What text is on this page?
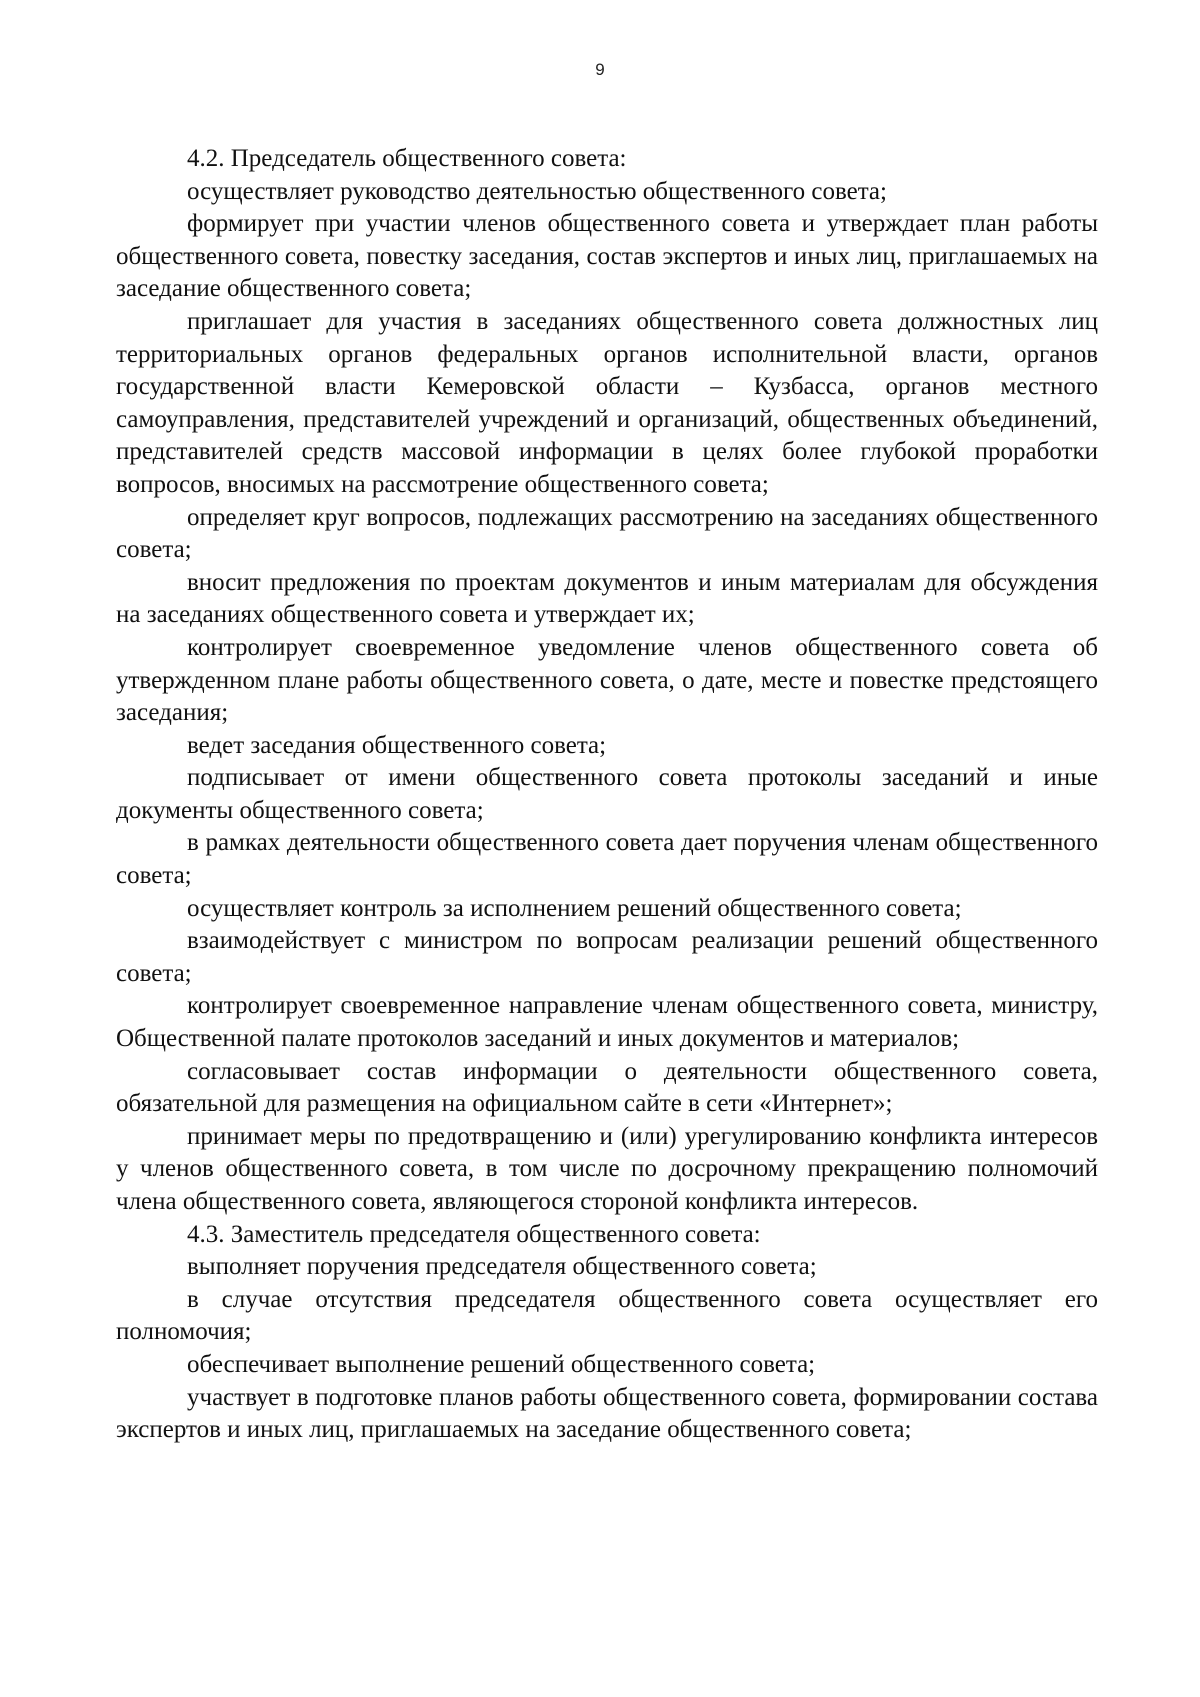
9

4.2. Председатель общественного совета:

осуществляет руководство деятельностью общественного совета;

формирует при участии членов общественного совета и утверждает план работы общественного совета, повестку заседания, состав экспертов и иных лиц, приглашаемых на заседание общественного совета;

приглашает для участия в заседаниях общественного совета должностных лиц территориальных органов федеральных органов исполнительной власти, органов государственной власти Кемеровской области – Кузбасса, органов местного самоуправления, представителей учреждений и организаций, общественных объединений, представителей средств массовой информации в целях более глубокой проработки вопросов, вносимых на рассмотрение общественного совета;

определяет круг вопросов, подлежащих рассмотрению на заседаниях общественного совета;

вносит предложения по проектам документов и иным материалам для обсуждения на заседаниях общественного совета и утверждает их;

контролирует своевременное уведомление членов общественного совета об утвержденном плане работы общественного совета, о дате, месте и повестке предстоящего заседания;

ведет заседания общественного совета;

подписывает от имени общественного совета протоколы заседаний и иные документы общественного совета;

в рамках деятельности общественного совета дает поручения членам общественного совета;

осуществляет контроль за исполнением решений общественного совета;

взаимодействует с министром по вопросам реализации решений общественного совета;

контролирует своевременное направление членам общественного совета, министру, Общественной палате протоколов заседаний и иных документов и материалов;

согласовывает состав информации о деятельности общественного совета, обязательной для размещения на официальном сайте в сети «Интернет»;

принимает меры по предотвращению и (или) урегулированию конфликта интересов у членов общественного совета, в том числе по досрочному прекращению полномочий члена общественного совета, являющегося стороной конфликта интересов.

4.3. Заместитель председателя общественного совета:

выполняет поручения председателя общественного совета;

в случае отсутствия председателя общественного совета осуществляет его полномочия;

обеспечивает выполнение решений общественного совета;

участвует в подготовке планов работы общественного совета, формировании состава экспертов и иных лиц, приглашаемых на заседание общественного совета;
